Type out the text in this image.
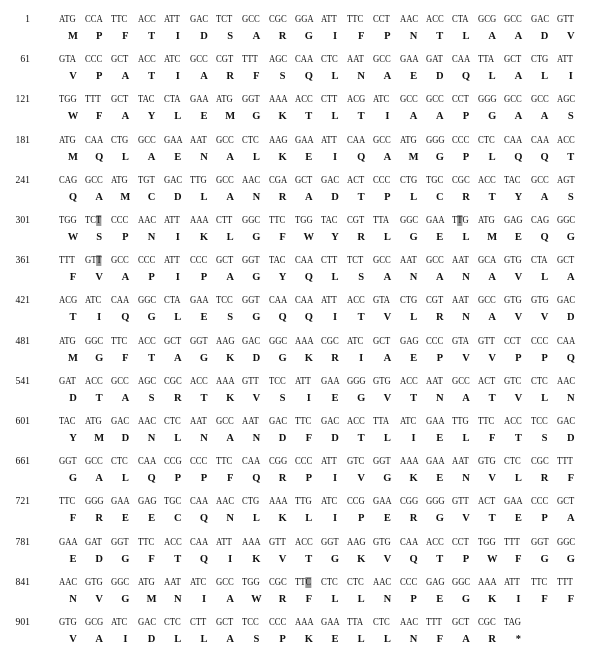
1	ATG CCA TTC ACC ATT	GAC TCT GCC CGC GGA ATT	TTC CCT AAC ACC CTA GCG GCC GAC GTT
M	P	F	T	I	D	S	A	R	G	I	F	P	N	T	L	A	A	D	V
61	GTA CCC GCT ACC ATC GCC CGT TTT	AGC CAA CTC AAT GCC GAA GAT CAA TTA	GCT CTG ATT
V	P	A	T	I	A	R	F	S	Q	L	N	A	E	D	Q	L	A	L	I
121	TGG TTT	GCT TAC CTA GAA ATG GGT AAA ACC CTT ACG ATC GCC GCC CCT GGG GCC GCC AGC
W	F	A	Y	L	E	M G K	T	L	T	I	A	A	P	G	A	A	S
181	ATG CAA CTG GCC GAA AAT GCC CTC AAG GAA ATT	CAA GCC ATG GGG CCC CTC CAA CAA ACC
M Q	L	A	E	N	A	L	K	E	I	Q	A	M G	P	L	Q Q	T
241	CAG GCC ATG TGT GAC TTG GCC AAC CGA GCT GAC ACT CCC CTG TGC CGC ACC TAC GCC AGT
Q	A	M	C	D	L	A	N	R	A	D	T	P	L	C	R	T	Y	A	S
301	TGG TCT CCC AAC ATT	AAA CTT GGC TTC TGG TAC CGT TTA	GGC GAA TTG ATG GAG CAG GGC
W	S	P	N	I	K	L	G	F	W	Y	R	L	G	E	L	M	E	Q G
361	TTT	GTT GCC CCC ATT	CCC GCT GGT TAC CAA CTT TCT GCC AAT GCC AAT GCA GTG CTA GCT
F	V	A	P	I	P	A	G	Y	Q	L	S	A	N	A	N	A	V	L	A
421	ACG ATC CAA GGC CTA GAA TCC GGT CAA CAA ATT	ACC GTA CTG CGT AAT GCC GTG GTG GAC
T	I	Q G	L	E	S	G Q Q	I	T	V	L	R	N	A	V	V	D
481	ATG GGC TTC ACC GCT GGT AAG GAC GGC AAA CGC ATC GCT GAG CCC GTA GTT CCT CCC CAA
M G	F	T	A	G K	D	G K	R	I	A	E	P	V	V	P	P	Q
541	GAT ACC GCC AGC CGC ACC AAA GTT TCC ATT	GAA GGG GTG ACC AAT GCC ACT GTC CTC AAC
D	T	A	S	R	T	K	V	S	I	E	G	V	T	N	A	T	V	L	N
601	TAC ATG GAC AAC CTC AAT GCC AAT GAC TTC GAC ACC TTA	ATC GAA TTG TTC ACC TCC GAC
Y	M	D	N	L	N	A	N	D	F	D	T	L	I	E	L	F	T	S	D
661	GGT GCC CTC CAA CCG CCC TTC CAA CGG CCC ATT	GTC GGT AAA GAA AAT GTG CTC CGC TTT
G	A	L	Q	P	P	F	Q	R	P	I	V	G K	E	N	V	L	R	F
721	TTC GGG GAA GAG TGC CAA AAC CTG AAA TTG ATC CCG GAA CGG GGG GTT ACT GAA CCC GCT
F	R	E	E	C	Q	N	L	K	L	I	P	E	R	G	V	T	E	P	A
781	GAA GAT GGT TTC ACC CAA ATT	AAA GTT ACC GGT AAG GTG CAA ACC CCT TGG TTT	GGT GGC
E	D	G	F	T	Q	I	K	V	T	G K	V	Q	T	P	W	F	G G
841	AAC GTG GGC ATG AAT ATC GCC TGG CGC TTC CTC CTC AAC CCC GAG GGC AAA ATT	TTC TTT
N	V	G M	N	I	A	W	R	F	L	L	N	P	E	G K	I	F	F
901	GTG GCG ATC GAC CTC CTT GCT TCC CCC AAA GAA TTA	CTC AAC TTT	GCT CGC TAG
V	A	I	D	L	L	A	S	P	K	E	L	L	N	F	A	R	*
